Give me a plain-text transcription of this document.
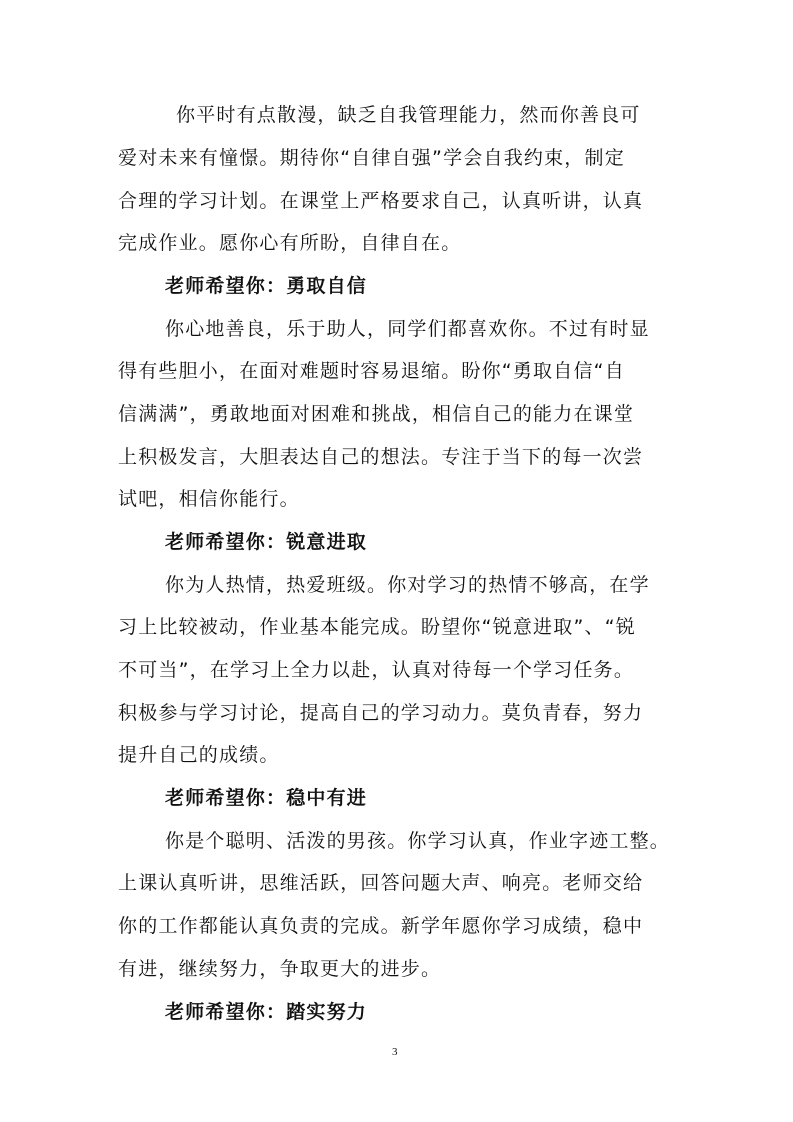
你平时有点散漫，缺乏自我管理能力，然而你善良可
爱对未来有憧憬。期待你“自律自强”学会自我约束，制定
合理的学习计划。在课堂上严格要求自己，认真听讲，认真
完成作业。愿你心有所盼，自律自在。
老师希望你：勇取自信
你心地善良，乐于助人，同学们都喜欢你。不过有时显
得有些胆小，在面对难题时容易退缩。盼你“勇取自信“自
信满满”，勇敢地面对困难和挑战，相信自己的能力在课堂
上积极发言，大胆表达自己的想法。专注于当下的每一次尝
试吧，相信你能行。
老师希望你：锐意进取
你为人热情，热爱班级。你对学习的热情不够高，在学
习上比较被动，作业基本能完成。盼望你“锐意进取”、“锐
不可当”，在学习上全力以赴，认真对待每一个学习任务。
积极参与学习讨论，提高自己的学习动力。莫负青春，努力
提升自己的成绩。
老师希望你：稳中有进
你是个聪明、活泼的男孩。你学习认真，作业字迹工整。
上课认真听讲，思维活跃，回答问题大声、响亮。老师交给
你的工作都能认真负责的完成。新学年愿你学习成绩，稳中
有进，继续努力，争取更大的进步。
老师希望你：踏实努力
3
